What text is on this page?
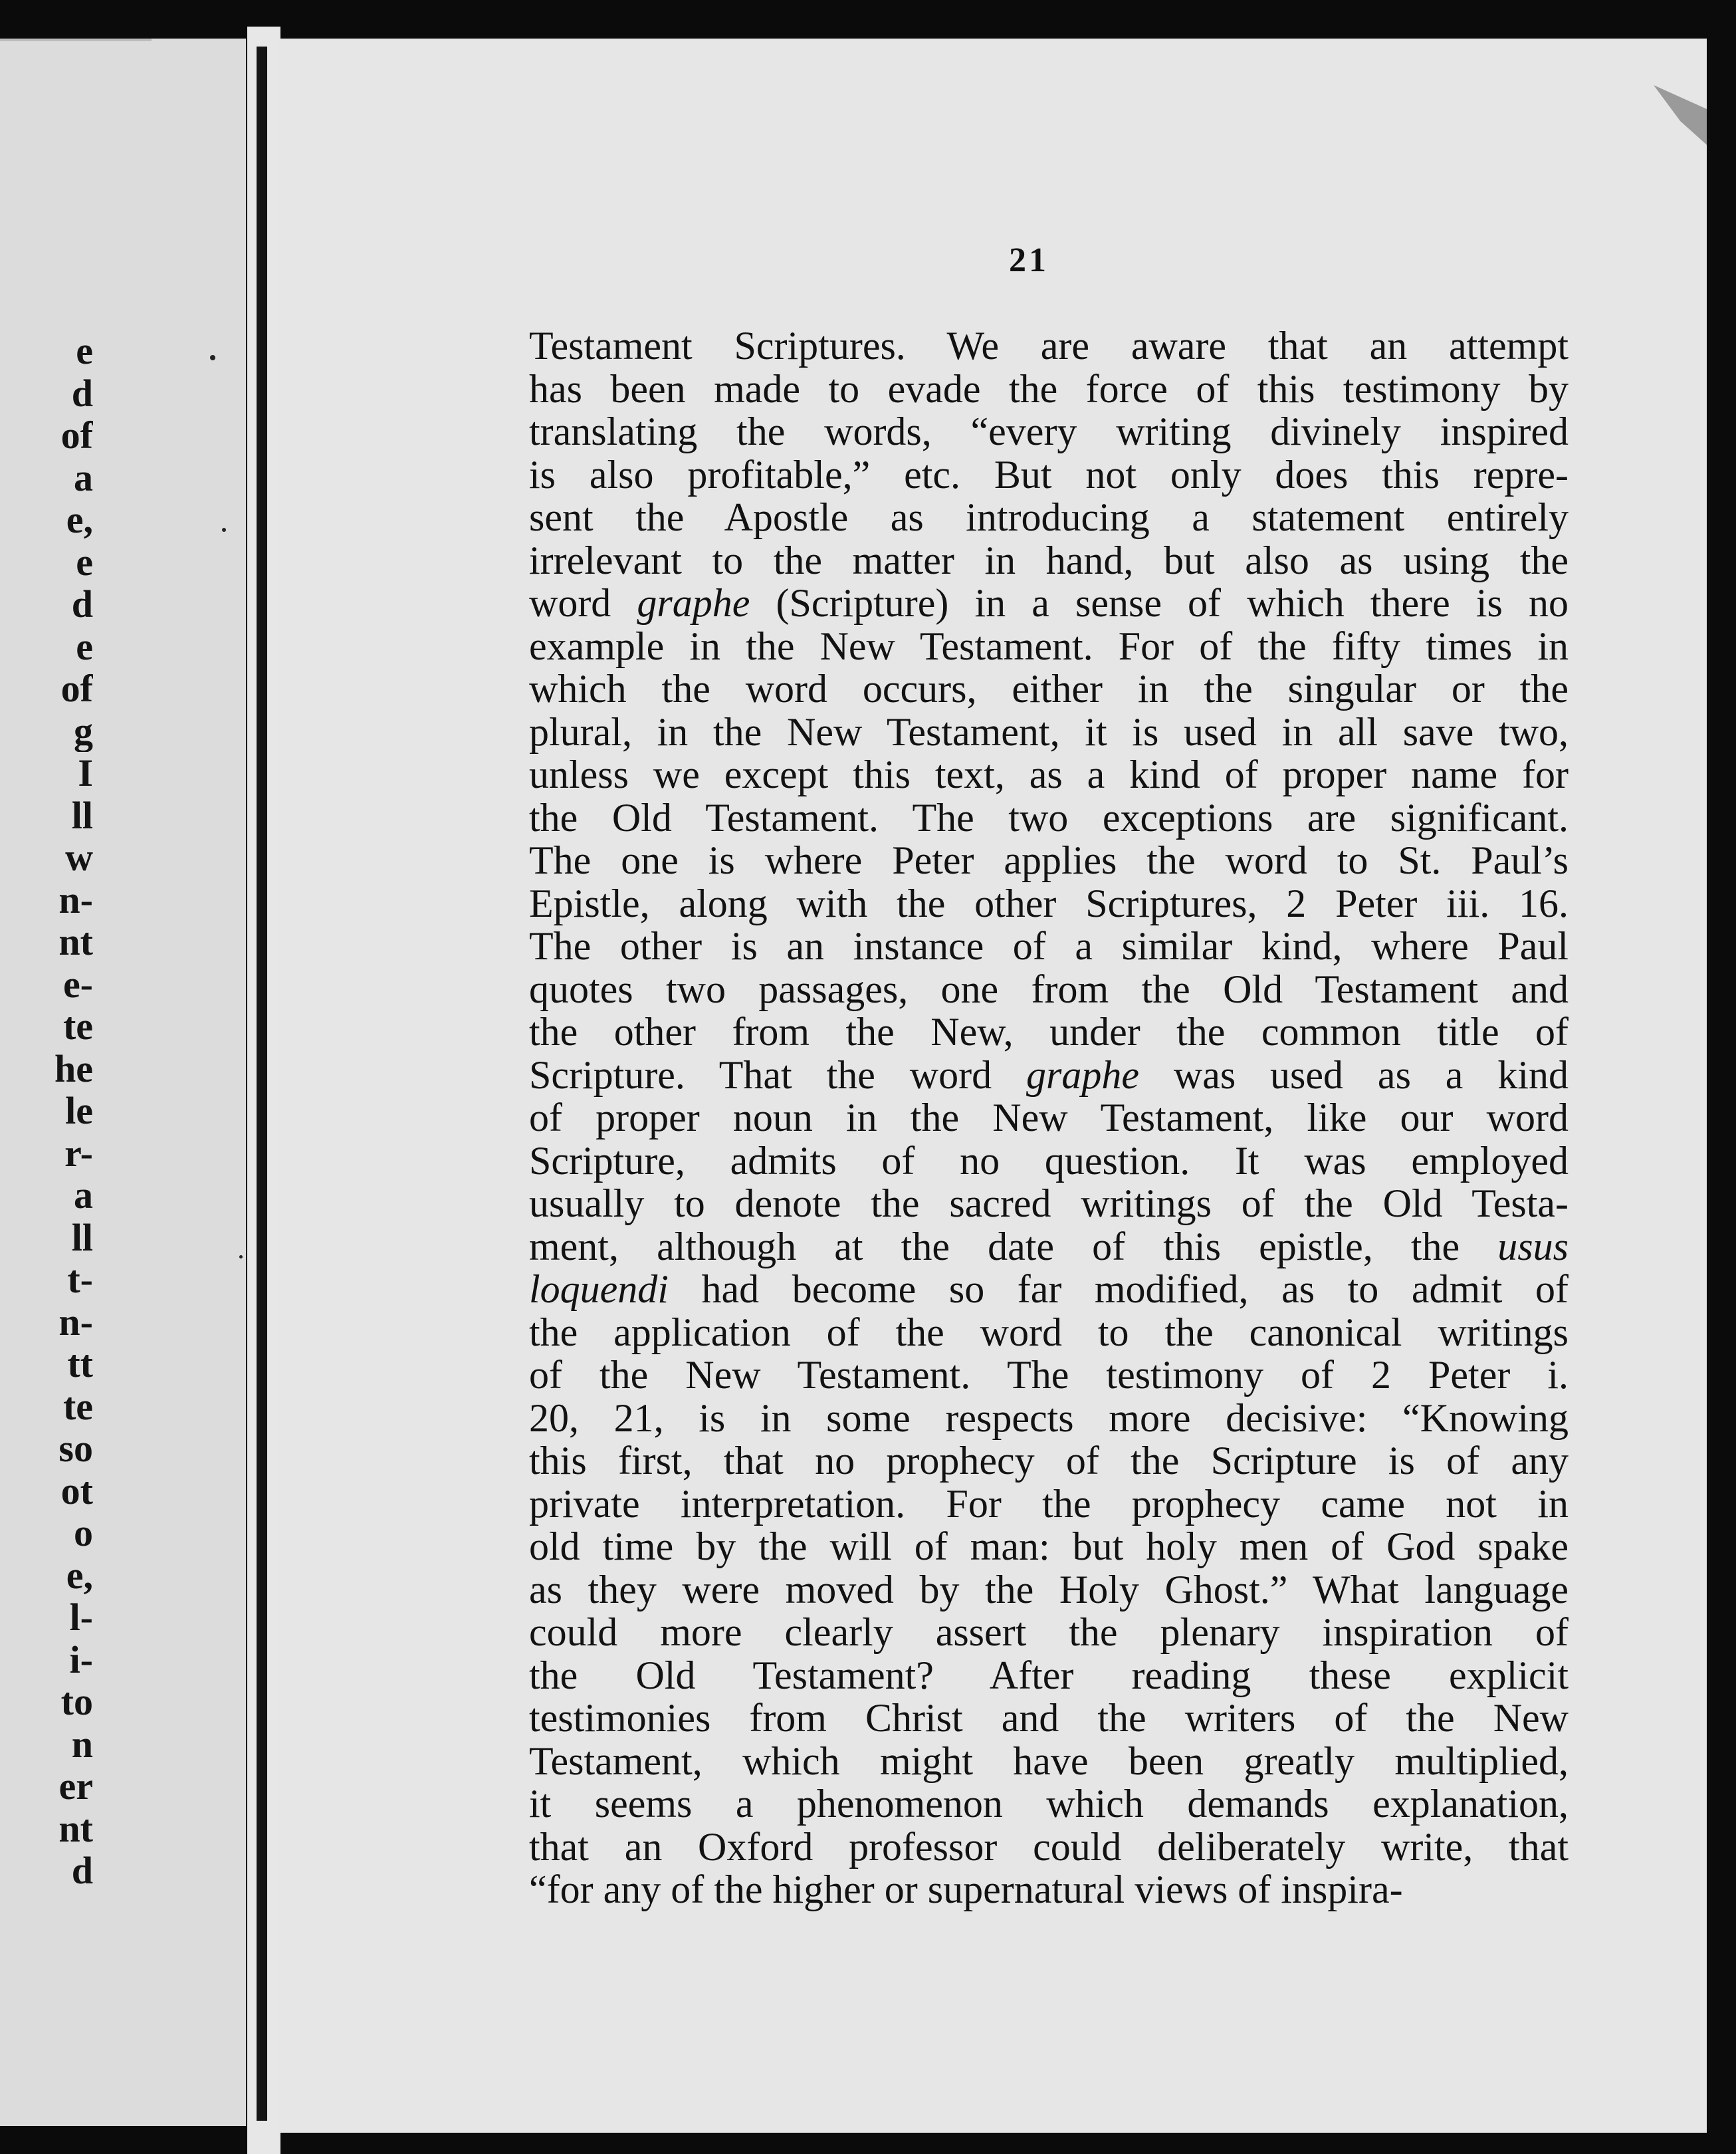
e
d
of
a
e,
e
d
e
of
g
I
ll
w
n-
nt
e-
te
he
le
r-
a
ll
t-
n-
tt
te
so
ot
o
e,
l-
i-
to
n
er
nt
d
21
Testament Scriptures. We are aware that an attempt
has been made to evade the force of this testimony by
translating the words, “every writing divinely inspired
is also profitable,” etc. But not only does this repre-
sent the Apostle as introducing a statement entirely
irrelevant to the matter in hand, but also as using the
word graphe (Scripture) in a sense of which there is no
example in the New Testament. For of the fifty times in
which the word occurs, either in the singular or the
plural, in the New Testament, it is used in all save two,
unless we except this text, as a kind of proper name for
the Old Testament. The two exceptions are significant.
The one is where Peter applies the word to St. Paul’s
Epistle, along with the other Scriptures, 2 Peter iii. 16.
The other is an instance of a similar kind, where Paul
quotes two passages, one from the Old Testament and
the other from the New, under the common title of
Scripture. That the word graphe was used as a kind
of proper noun in the New Testament, like our word
Scripture, admits of no question. It was employed
usually to denote the sacred writings of the Old Testa-
ment, although at the date of this epistle, the usus
loquendi had become so far modified, as to admit of
the application of the word to the canonical writings
of the New Testament. The testimony of 2 Peter i.
20, 21, is in some respects more decisive: “Knowing
this first, that no prophecy of the Scripture is of any
private interpretation. For the prophecy came not in
old time by the will of man: but holy men of God spake
as they were moved by the Holy Ghost.” What language
could more clearly assert the plenary inspiration of
the Old Testament? After reading these explicit
testimonies from Christ and the writers of the New
Testament, which might have been greatly multiplied,
it seems a phenomenon which demands explanation,
that an Oxford professor could deliberately write, that
“for any of the higher or supernatural views of inspira-
